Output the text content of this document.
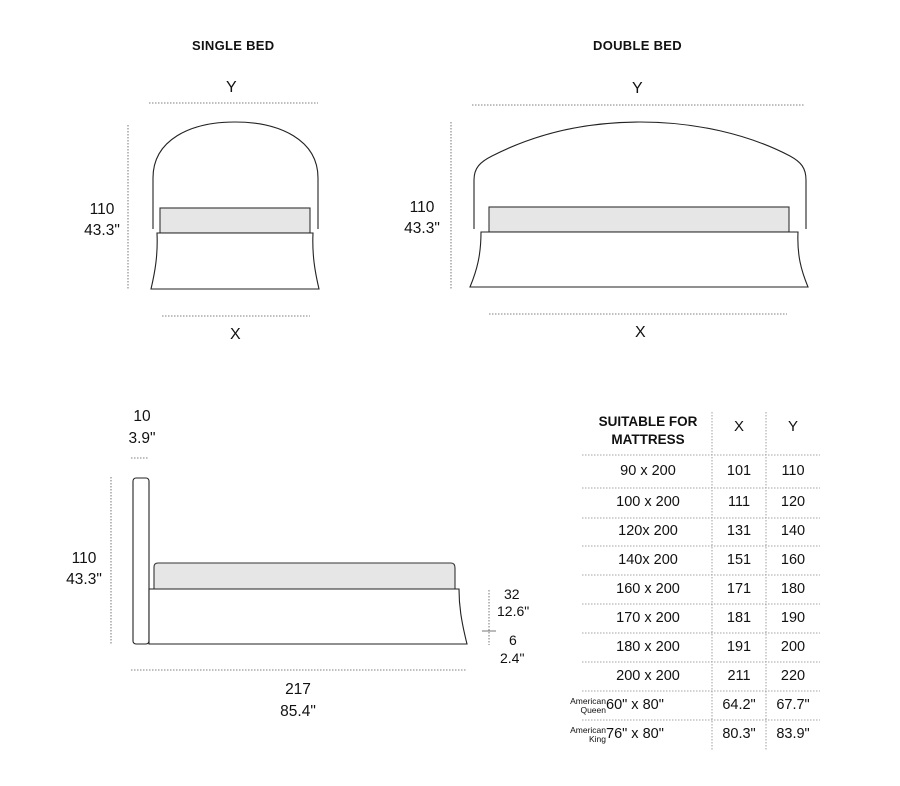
SINGLE BED
Y
X
110
43.3"
DOUBLE BED
Y
X
110
43.3"
10
3.9"
110
43.3"
217
85.4"
32
12.6"
6
2.4"
SUITABLE FOR
MATTRESS
X	Y
90 x 200	101	110
100 x 200	111	120
120x 200	131	140
140x 200	151	160
160 x 200	171	180
170 x 200	181	190
180 x 200	191	200
200 x 200	211	220
American
Queen 60" x 80"	64.2"	67.7"
American
King 76" x 80"	80.3"	83.9"
